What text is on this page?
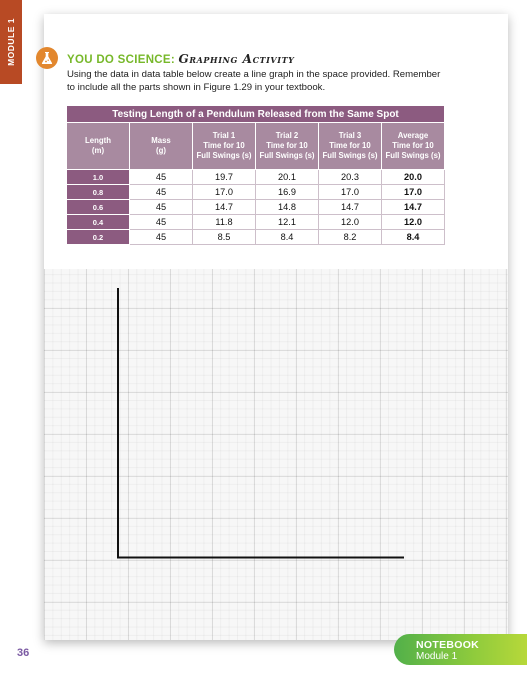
MODULE 1	YOU DO SCIENCE: Graphing Activity

Using the data in data table below create a line graph in the space provided. Remember to include all the parts shown in Figure 1.29 in your textbook.

Testing Length of a Pendulum Released from the Same Spot					
Length
(m)	Mass
(g)	Trial 1
Time for 10
Full Swings (s)	Trial 2
Time for 10
Full Swings (s)	Trial 3
Time for 10
Full Swings (s)	Average
Time for 10
Full Swings (s)
1.0	45	19.7	20.1	20.3	20.0
0.8	45	17.0	16.9	17.0	17.0
0.6	45	14.7	14.8	14.7	14.7
0.4	45	11.8	12.1	12.0	12.0
0.2	45	8.5	8.4	8.2	8.4
36
NOTEBOOK
Module 1
